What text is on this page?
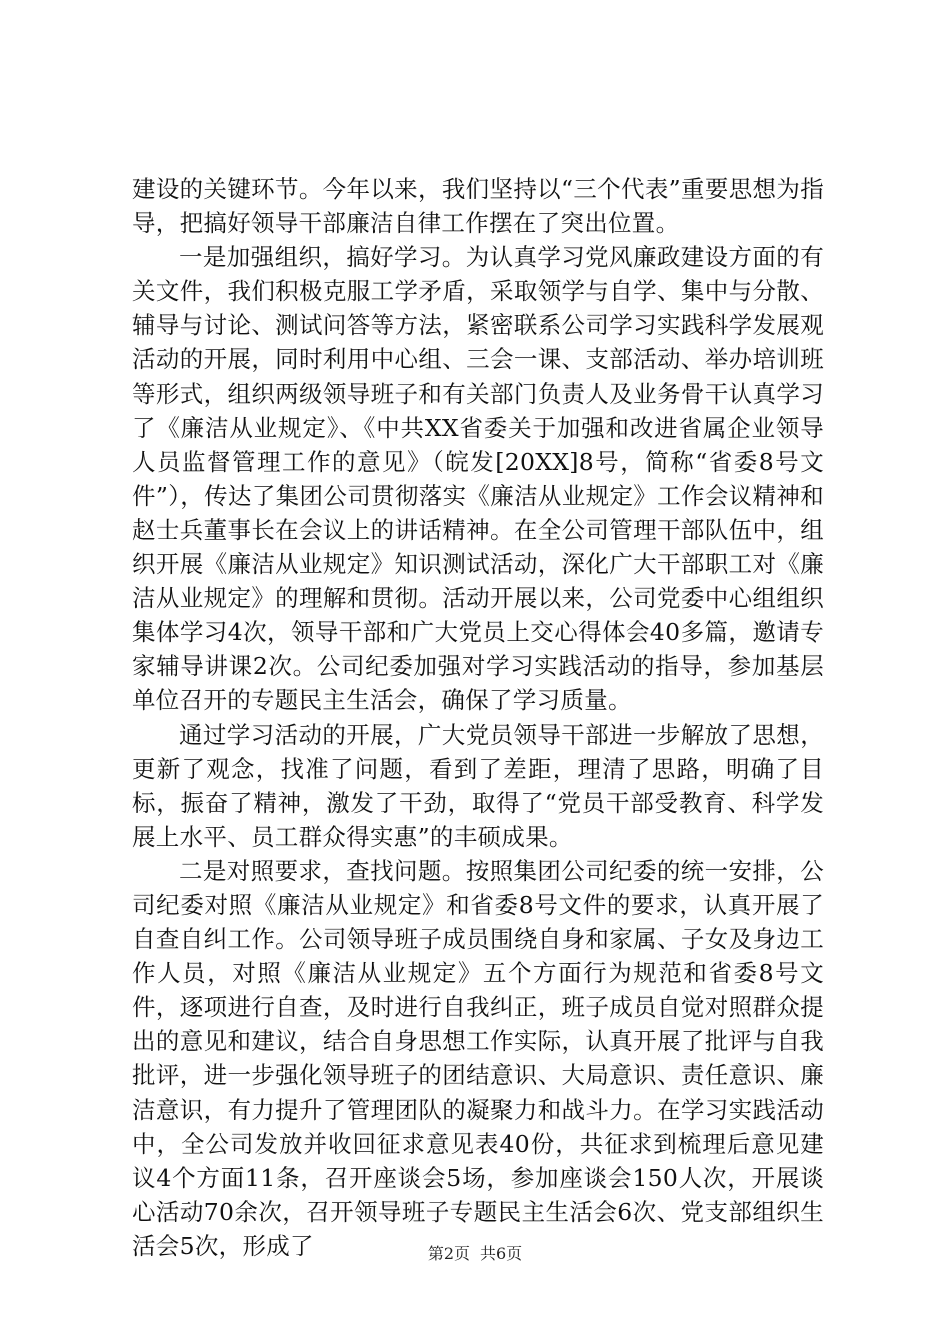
建设的关键环节。今年以来，我们坚持以“三个代表”重要思想为指导，把搞好领导干部廉洁自律工作摆在了突出位置。

一是加强组织，搞好学习。为认真学习党风廉政建设方面的有关文件，我们积极克服工学矛盾，采取领学与自学、集中与分散、辅导与讨论、测试问答等方法，紧密联系公司学习实践科学发展观活动的开展，同时利用中心组、三会一课、支部活动、举办培训班等形式，组织两级领导班子和有关部门负责人及业务骨干认真学习了《廉洁从业规定》、《中共XX省委关于加强和改进省属企业领导人员监督管理工作的意见》（皖发[20XX]8号，简称“省委8号文件”），传达了集团公司贯彻落实《廉洁从业规定》工作会议精神和赵士兵董事长在会议上的讲话精神。在全公司管理干部队伍中，组织开展《廉洁从业规定》知识测试活动，深化广大干部职工对《廉洁从业规定》的理解和贯彻。活动开展以来，公司党委中心组组织集体学习4次，领导干部和广大党员上交心得体会40多篇，邀请专家辅导讲课2次。公司纪委加强对学习实践活动的指导，参加基层单位召开的专题民主生活会，确保了学习质量。

通过学习活动的开展，广大党员领导干部进一步解放了思想，更新了观念，找准了问题，看到了差距，理清了思路，明确了目标，振奋了精神，激发了干劲，取得了“党员干部受教育、科学发展上水平、员工群众得实惠”的丰硕成果。

二是对照要求，查找问题。按照集团公司纪委的统一安排，公司纪委对照《廉洁从业规定》和省委8号文件的要求，认真开展了自查自纠工作。公司领导班子成员围绕自身和家属、子女及身边工作人员，对照《廉洁从业规定》五个方面行为规范和省委8号文件，逐项进行自查，及时进行自我纠正，班子成员自觉对照群众提出的意见和建议，结合自身思想工作实际，认真开展了批评与自我批评，进一步强化领导班子的团结意识、大局意识、责任意识、廉洁意识，有力提升了管理团队的凝聚力和战斗力。在学习实践活动中，全公司发放并收回征求意见表40份，共征求到梳理后意见建议4个方面11条，召开座谈会5场，参加座谈会150人次，开展谈心活动70余次，召开领导班子专题民主生活会6次、党支部组织生活会5次，形成了	第2页 共6页
